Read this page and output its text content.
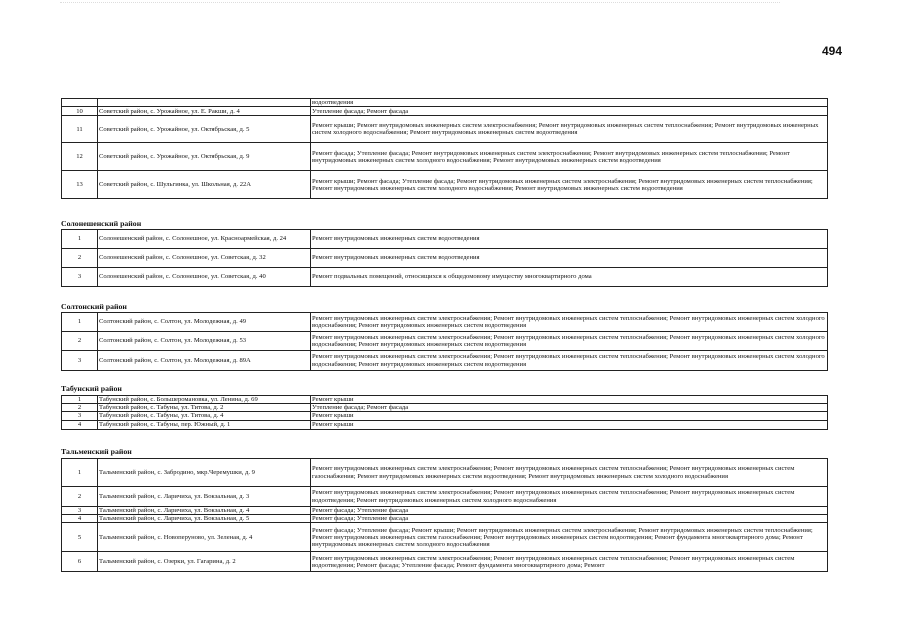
494
		водоотведения
10	Советский район, с. Урожайное, ул. Е. Ракши, д. 4	Утепление фасада; Ремонт фасада
11	Советский район, с. Урожайное, ул. Октябрьская, д. 5	Ремонт крыши; Ремонт внутридомовых инженерных систем электроснабжения; Ремонт внутридомовых инженерных систем теплоснабжения; Ремонт внутридомовых инженерных систем холодного водоснабжения; Ремонт внутридомовых инженерных систем водоотведения
12	Советский район, с. Урожайное, ул. Октябрьская, д. 9	Ремонт фасада; Утепление фасада; Ремонт внутридомовых инженерных систем электроснабжения; Ремонт внутридомовых инженерных систем теплоснабжения; Ремонт внутридомовых инженерных систем холодного водоснабжения; Ремонт внутридомовых инженерных систем водоотведения
13	Советский район, с. Шульгинка, ул. Школьная, д. 22А	Ремонт крыши; Ремонт фасада; Утепление фасада; Ремонт внутридомовых инженерных систем электроснабжения; Ремонт внутридомовых инженерных систем теплоснабжения; Ремонт внутридомовых инженерных систем холодного водоснабжения; Ремонт внутридомовых инженерных систем водоотведения
Солонешенский район
1	Солонешенский район, с. Солонешное, ул. Красноармейская, д. 24	Ремонт внутридомовых инженерных систем водоотведения
2	Солонешенский район, с. Солонешное, ул. Советская, д. 32	Ремонт внутридомовых инженерных систем водоотведения
3	Солонешенский район, с. Солонешное, ул. Советская, д. 40	Ремонт подвальных помещений, относящихся к общедомовому имуществу многоквартирного дома
Солтонский район
1	Солтонский район, с. Солтон, ул. Молодежная, д. 49	Ремонт внутридомовых инженерных систем электроснабжения; Ремонт внутридомовых инженерных систем теплоснабжения; Ремонт внутридомовых инженерных систем холодного водоснабжения; Ремонт внутридомовых инженерных систем водоотведения
2	Солтонский район, с. Солтон, ул. Молодежная, д. 53	Ремонт внутридомовых инженерных систем электроснабжения; Ремонт внутридомовых инженерных систем теплоснабжения; Ремонт внутридомовых инженерных систем холодного водоснабжения; Ремонт внутридомовых инженерных систем водоотведения
3	Солтонский район, с. Солтон, ул. Молодежная, д. 89А	Ремонт внутридомовых инженерных систем электроснабжения; Ремонт внутридомовых инженерных систем теплоснабжения; Ремонт внутридомовых инженерных систем холодного водоснабжения; Ремонт внутридомовых инженерных систем водоотведения
Табунский район
1	Табунский район, с. Большеромановка, ул. Ленина, д. 69	Ремонт крыши
2	Табунский район, с. Табуны, ул. Титова, д. 2	Утепление фасада; Ремонт фасада
3	Табунский район, с. Табуны, ул. Титова, д. 4	Ремонт крыши
4	Табунский район, с. Табуны, пер. Южный, д. 1	Ремонт крыши
Тальменский район
1	Тальменский район, с. Забродино, мкр.Черемушки, д. 9	Ремонт внутридомовых инженерных систем электроснабжения; Ремонт внутридомовых инженерных систем теплоснабжения; Ремонт внутридомовых инженерных систем газоснабжения; Ремонт внутридомовых инженерных систем водоотведения; Ремонт внутридомовых инженерных систем холодного водоснабжения
2	Тальменский район, с. Ларичиха, ул. Вокзальная, д. 3	Ремонт внутридомовых инженерных систем электроснабжения; Ремонт внутридомовых инженерных систем теплоснабжения; Ремонт внутридомовых инженерных систем водоотведения; Ремонт внутридомовых инженерных систем холодного водоснабжения
3	Тальменский район, с. Ларичиха, ул. Вокзальная, д. 4	Ремонт фасада; Утепление фасада
4	Тальменский район, с. Ларичиха, ул. Вокзальная, д. 5	Ремонт фасада; Утепление фасада
5	Тальменский район, с. Новоперуново, ул. Зеленая, д. 4	Ремонт фасада; Утепление фасада; Ремонт крыши; Ремонт внутридомовых инженерных систем электроснабжения; Ремонт внутридомовых инженерных систем теплоснабжения; Ремонт внутридомовых инженерных систем газоснабжения; Ремонт внутридомовых инженерных систем водоотведения; Ремонт фундамента многоквартирного дома; Ремонт внутридомовых инженерных систем холодного водоснабжения
6	Тальменский район, с. Озерки, ул. Гагарина, д. 2	Ремонт внутридомовых инженерных систем электроснабжения; Ремонт внутридомовых инженерных систем теплоснабжения; Ремонт внутридомовых инженерных систем водоотведения; Ремонт фасада; Утепление фасада; Ремонт фундамента многоквартирного дома; Ремонт
